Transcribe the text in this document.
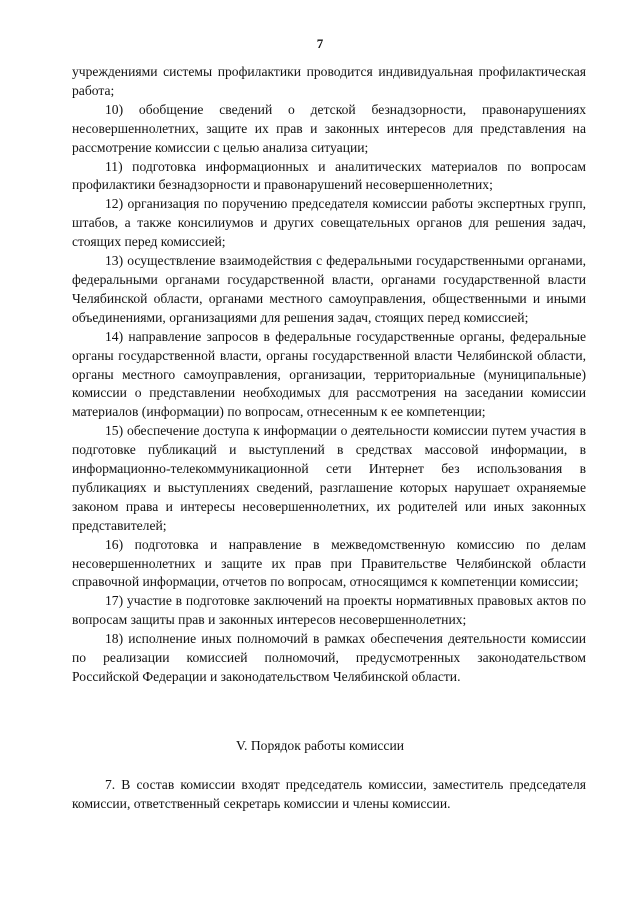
7

учреждениями системы профилактики проводится индивидуальная профилактическая работа;

10) обобщение сведений о детской безнадзорности, правонарушениях несовершеннолетних, защите их прав и законных интересов для представления на рассмотрение комиссии с целью анализа ситуации;

11) подготовка информационных и аналитических материалов по вопросам профилактики безнадзорности и правонарушений несовершеннолетних;

12) организация по поручению председателя комиссии работы экспертных групп, штабов, а также консилиумов и других совещательных органов для решения задач, стоящих перед комиссией;

13) осуществление взаимодействия с федеральными государственными органами, федеральными органами государственной власти, органами государственной власти Челябинской области, органами местного самоуправления, общественными и иными объединениями, организациями для решения задач, стоящих перед комиссией;

14) направление запросов в федеральные государственные органы, федеральные органы государственной власти, органы государственной власти Челябинской области, органы местного самоуправления, организации, территориальные (муниципальные) комиссии о представлении необходимых для рассмотрения на заседании комиссии материалов (информации) по вопросам, отнесенным к ее компетенции;

15) обеспечение доступа к информации о деятельности комиссии путем участия в подготовке публикаций и выступлений в средствах массовой информации, в информационно-телекоммуникационной сети Интернет без использования в публикациях и выступлениях сведений, разглашение которых нарушает охраняемые законом права и интересы несовершеннолетних, их родителей или иных законных представителей;

16) подготовка и направление в межведомственную комиссию по делам несовершеннолетних и защите их прав при Правительстве Челябинской области справочной информации, отчетов по вопросам, относящимся к компетенции комиссии;

17) участие в подготовке заключений на проекты нормативных правовых актов по вопросам защиты прав и законных интересов несовершеннолетних;

18) исполнение иных полномочий в рамках обеспечения деятельности комиссии по реализации комиссией полномочий, предусмотренных законодательством Российской Федерации и законодательством Челябинской области.

V. Порядок работы комиссии

7. В состав комиссии входят председатель комиссии, заместитель председателя комиссии, ответственный секретарь комиссии и члены комиссии.
